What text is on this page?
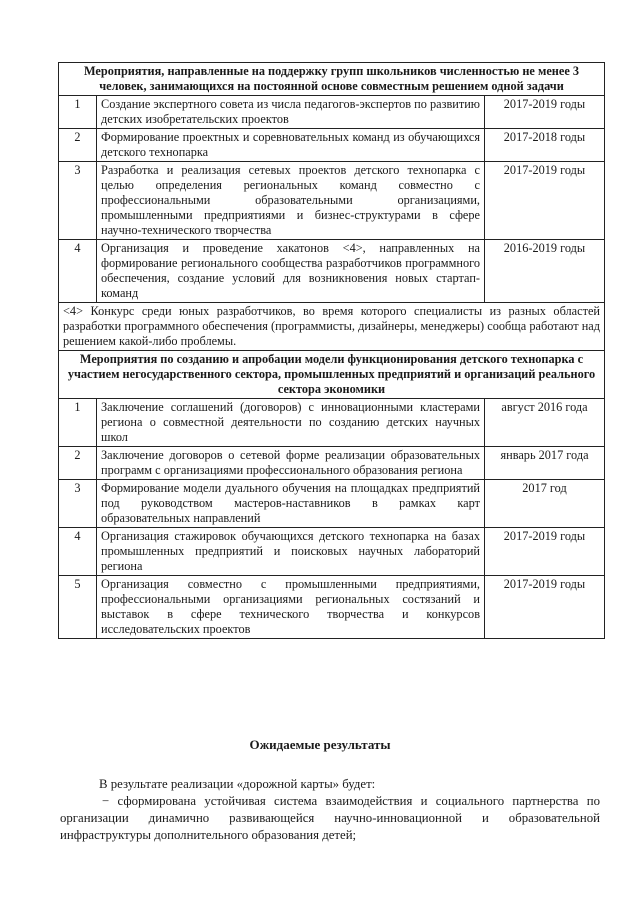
Мероприятия, направленные на поддержку групп школьников численностью не менее 3 человек, занимающихся на постоянной основе совместным решением одной задачи		
1	Создание экспертного совета из числа педагогов-экспертов по развитию детских изобретательских проектов	2017-2019 годы
2	Формирование проектных и соревновательных команд из обучающихся детского технопарка	2017-2018 годы
3	Разработка и реализация сетевых проектов детского технопарка с целью определения региональных команд совместно с профессиональными образовательными организациями, промышленными предприятиями и бизнес-структурами в сфере научно-технического творчества	2017-2019 годы
4	Организация и проведение хакатонов <4>, направленных на формирование регионального сообщества разработчиков программного обеспечения, создание условий для возникновения новых стартап-команд	2016-2019 годы
<4> Конкурс среди юных разработчиков, во время которого специалисты из разных областей разработки программного обеспечения (программисты, дизайнеры, менеджеры) сообща работают над решением какой-либо проблемы.		
Мероприятия по созданию и апробации модели функционирования детского технопарка с участием негосударственного сектора, промышленных предприятий и организаций реального сектора экономики		
1	Заключение соглашений (договоров) с инновационными кластерами региона о совместной деятельности по созданию детских научных школ	август 2016 года
2	Заключение договоров о сетевой форме реализации образовательных программ с организациями профессионального образования региона	январь 2017 года
3	Формирование модели дуального обучения на площадках предприятий под руководством мастеров-наставников в рамках карт образовательных направлений	2017 год
4	Организация стажировок обучающихся детского технопарка на базах промышленных предприятий и поисковых научных лабораторий региона	2017-2019 годы
5	Организация совместно с промышленными предприятиями, профессиональными организациями региональных состязаний и выставок в сфере технического творчества и конкурсов исследовательских проектов	2017-2019 годы
Ожидаемые результаты
В результате реализации «дорожной карты» будет:
− сформирована устойчивая система взаимодействия и социального партнерства по организации динамично развивающейся научно-инновационной и образовательной инфраструктуры дополнительного образования детей;
